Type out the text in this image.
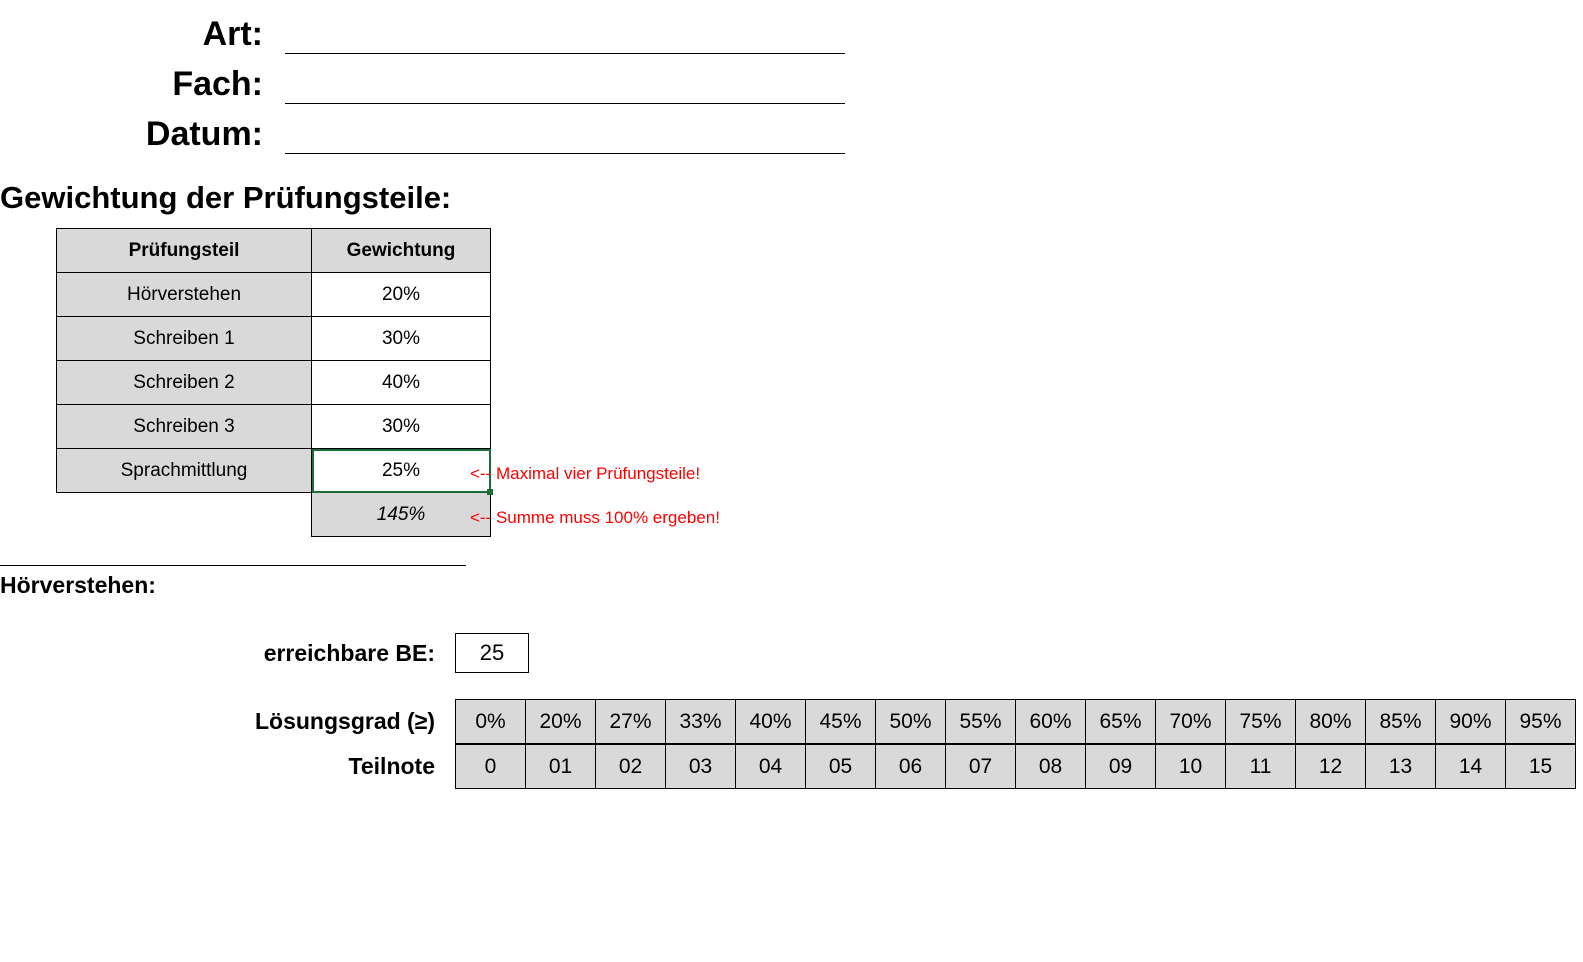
Art:
Fach:
Datum:
Gewichtung der Prüfungsteile:
Prüfungsteil	Gewichtung
Hörverstehen	20%
Schreiben 1	30%
Schreiben 2	40%
Schreiben 3	30%
Sprachmittlung	25%
	145%
<-- Maximal vier Prüfungsteile!
<-- Summe muss 100% ergeben!
Hörverstehen:
erreichbare BE:	25
Lösungsgrad (≥)	0%	20%	27%	33%	40%	45%	50%	55%	60%	65%	70%	75%	80%	85%	90%	95%
Teilnote	0	01	02	03	04	05	06	07	08	09	10	11	12	13	14	15
